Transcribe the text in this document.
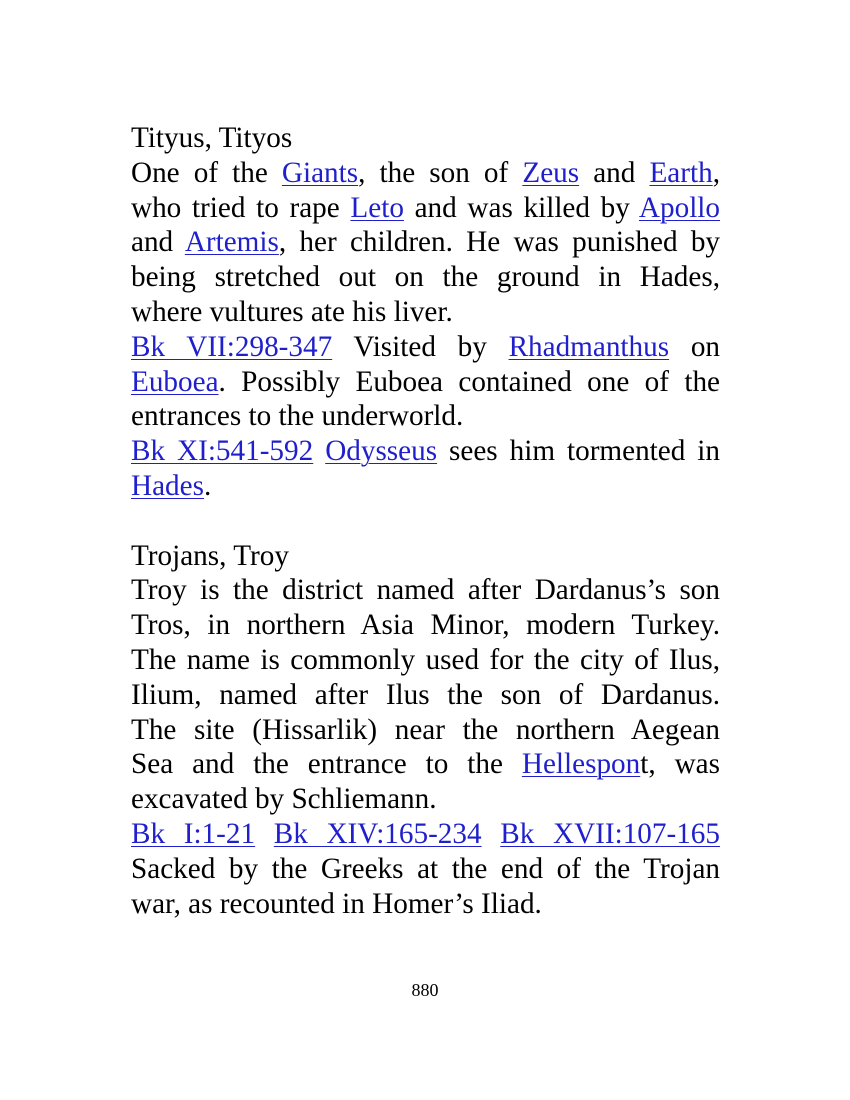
Tityus, Tityos
One of the Giants, the son of Zeus and Earth,
who tried to rape Leto and was killed by Apollo
and Artemis, her children. He was punished by
being stretched out on the ground in Hades,
where vultures ate his liver.
Bk VII:298-347 Visited by Rhadmanthus on
Euboea. Possibly Euboea contained one of the
entrances to the underworld.
Bk XI:541-592 Odysseus sees him tormented in
Hades.
Trojans, Troy
Troy is the district named after Dardanus’s son
Tros, in northern Asia Minor, modern Turkey.
The name is commonly used for the city of Ilus,
Ilium, named after Ilus the son of Dardanus.
The site (Hissarlik) near the northern Aegean
Sea and the entrance to the Hellespont, was
excavated by Schliemann.
Bk I:1-21 Bk XIV:165-234 Bk XVII:107-165
Sacked by the Greeks at the end of the Trojan
war, as recounted in Homer’s Iliad.
880
